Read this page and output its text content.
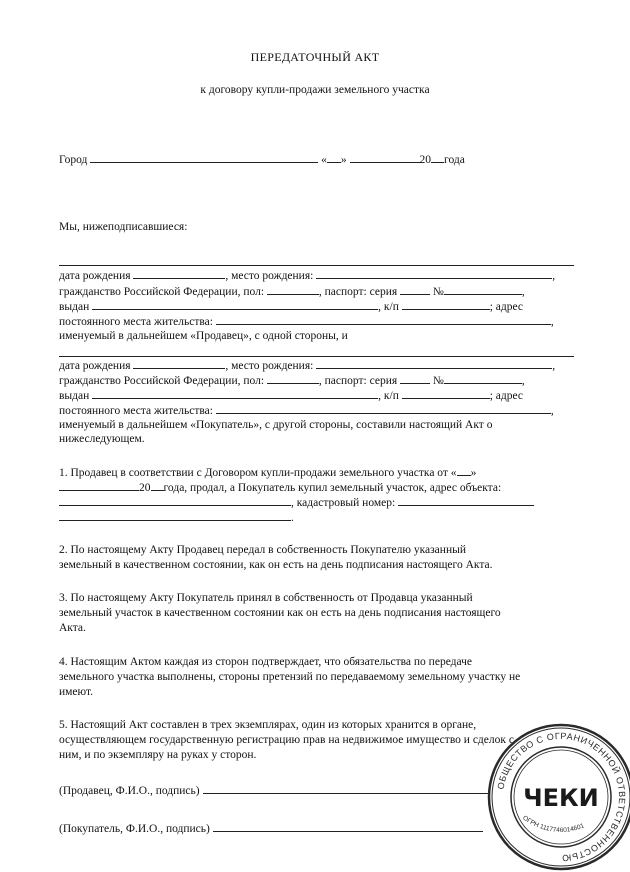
ПЕРЕДАТОЧНЫЙ АКТ
к договору купли-продажи земельного участка
Город	« »	20 года
Мы, нижеподписавшиеся:
дата рождения	, место рождения:	,
гражданство Российской Федерации, пол:	, паспорт: серия	№	,
выдан	, к/п	; адрес
постоянного места жительства:	,
именуемый в дальнейшем «Продавец», с одной стороны, и
дата рождения	, место рождения:	,
гражданство Российской Федерации, пол:	, паспорт: серия	№	,
выдан	, к/п	; адрес
постоянного места жительства:	,
именуемый в дальнейшем «Покупатель», с другой стороны, составили настоящий Акт о
нижеследующем.
1. Продавец в соответствии с Договором купли-продажи земельного участка от « »
20 года, продал, а Покупатель купил земельный участок, адрес объекта:
, кадастровый номер:
.
2. По настоящему Акту Продавец передал в собственность Покупателю указанный
земельный в качественном состоянии, как он есть на день подписания настоящего Акта.
3. По настоящему Акту Покупатель принял в собственность от Продавца указанный
земельный участок в качественном состоянии как он есть на день подписания настоящего
Акта.
4. Настоящим Актом каждая из сторон подтверждает, что обязательства по передаче
земельного участка выполнены, стороны претензий по передаваемому земельному участку не
имеют.
5. Настоящий Акт составлен в трех экземплярах, один из которых хранится в органе,
осуществляющем государственную регистрацию прав на недвижимое имущество и сделок с
ним, и по экземпляру на руках у сторон.
(Продавец, Ф.И.О., подпись)
(Покупатель, Ф.И.О., подпись)
ОБЩЕСТВО С ОГРАНИЧЕННОЙ ОТВЕТСТВЕННОСТЬЮ
ЧЕКИ
ОГРН 1117746014601
